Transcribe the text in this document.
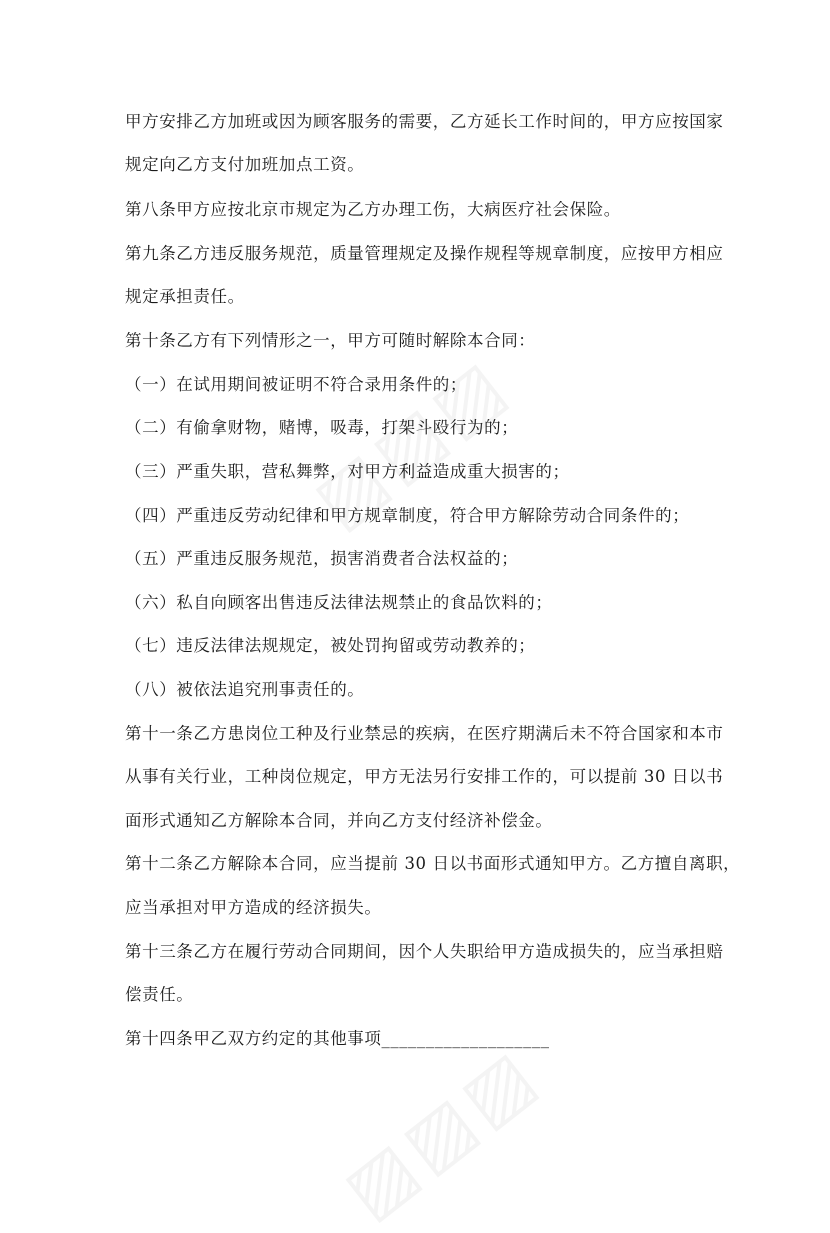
甲方安排乙方加班或因为顾客服务的需要，乙方延长工作时间的，甲方应按国家
规定向乙方支付加班加点工资。
第八条甲方应按北京市规定为乙方办理工伤，大病医疗社会保险。
第九条乙方违反服务规范，质量管理规定及操作规程等规章制度，应按甲方相应
规定承担责任。
第十条乙方有下列情形之一，甲方可随时解除本合同：
（一）在试用期间被证明不符合录用条件的；
（二）有偷拿财物，赌博，吸毒，打架斗殴行为的；
（三）严重失职，营私舞弊，对甲方利益造成重大损害的；
（四）严重违反劳动纪律和甲方规章制度，符合甲方解除劳动合同条件的；
（五）严重违反服务规范，损害消费者合法权益的；
（六）私自向顾客出售违反法律法规禁止的食品饮料的；
（七）违反法律法规规定，被处罚拘留或劳动教养的；
（八）被依法追究刑事责任的。
第十一条乙方患岗位工种及行业禁忌的疾病，在医疗期满后未不符合国家和本市
从事有关行业，工种岗位规定，甲方无法另行安排工作的，可以提前 30 日以书
面形式通知乙方解除本合同，并向乙方支付经济补偿金。
第十二条乙方解除本合同，应当提前 30 日以书面形式通知甲方。乙方擅自离职，
应当承担对甲方造成的经济损失。
第十三条乙方在履行劳动合同期间，因个人失职给甲方造成损失的，应当承担赔
偿责任。
第十四条甲乙双方约定的其他事项___________________
